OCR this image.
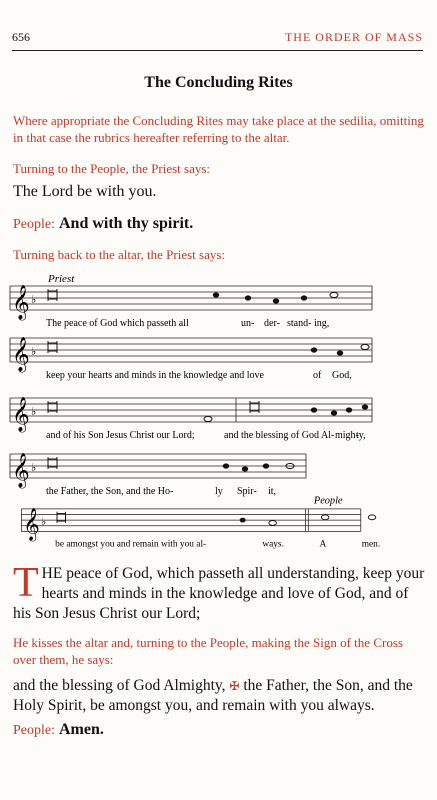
656	THE ORDER OF MASS
The Concluding Rites
Where appropriate the Concluding Rites may take place at the sedilia, omitting in that case the rubrics hereafter referring to the altar.
Turning to the People, the Priest says:
The Lord be with you.
People: And with thy spirit.
Turning back to the altar, the Priest says:
Priest
𝄞 ♭
The peace of God which passeth all	un- der- stand- ing,
𝄞 ♭
keep your hearts and minds in the knowledge and love	of God,
𝄞 ♭
and of his Son Jesus Christ our Lord;	and the blessing of God Al- migh- ty,
𝄞 ♭
the Father, the Son, and the Ho-	ly Spir- it,
People
𝄞 ♭
be amongst you and remain with you al-	ways.	A	men.
THE peace of God, which passeth all understanding, keep your hearts and minds in the knowledge and love of God, and of his Son Jesus Christ our Lord;
He kisses the altar and, turning to the People, making the Sign of the Cross over them, he says:
and the blessing of God Almighty, ✠ the Father, the Son, and the Holy Spirit, be amongst you, and remain with you always.
People: Amen.
